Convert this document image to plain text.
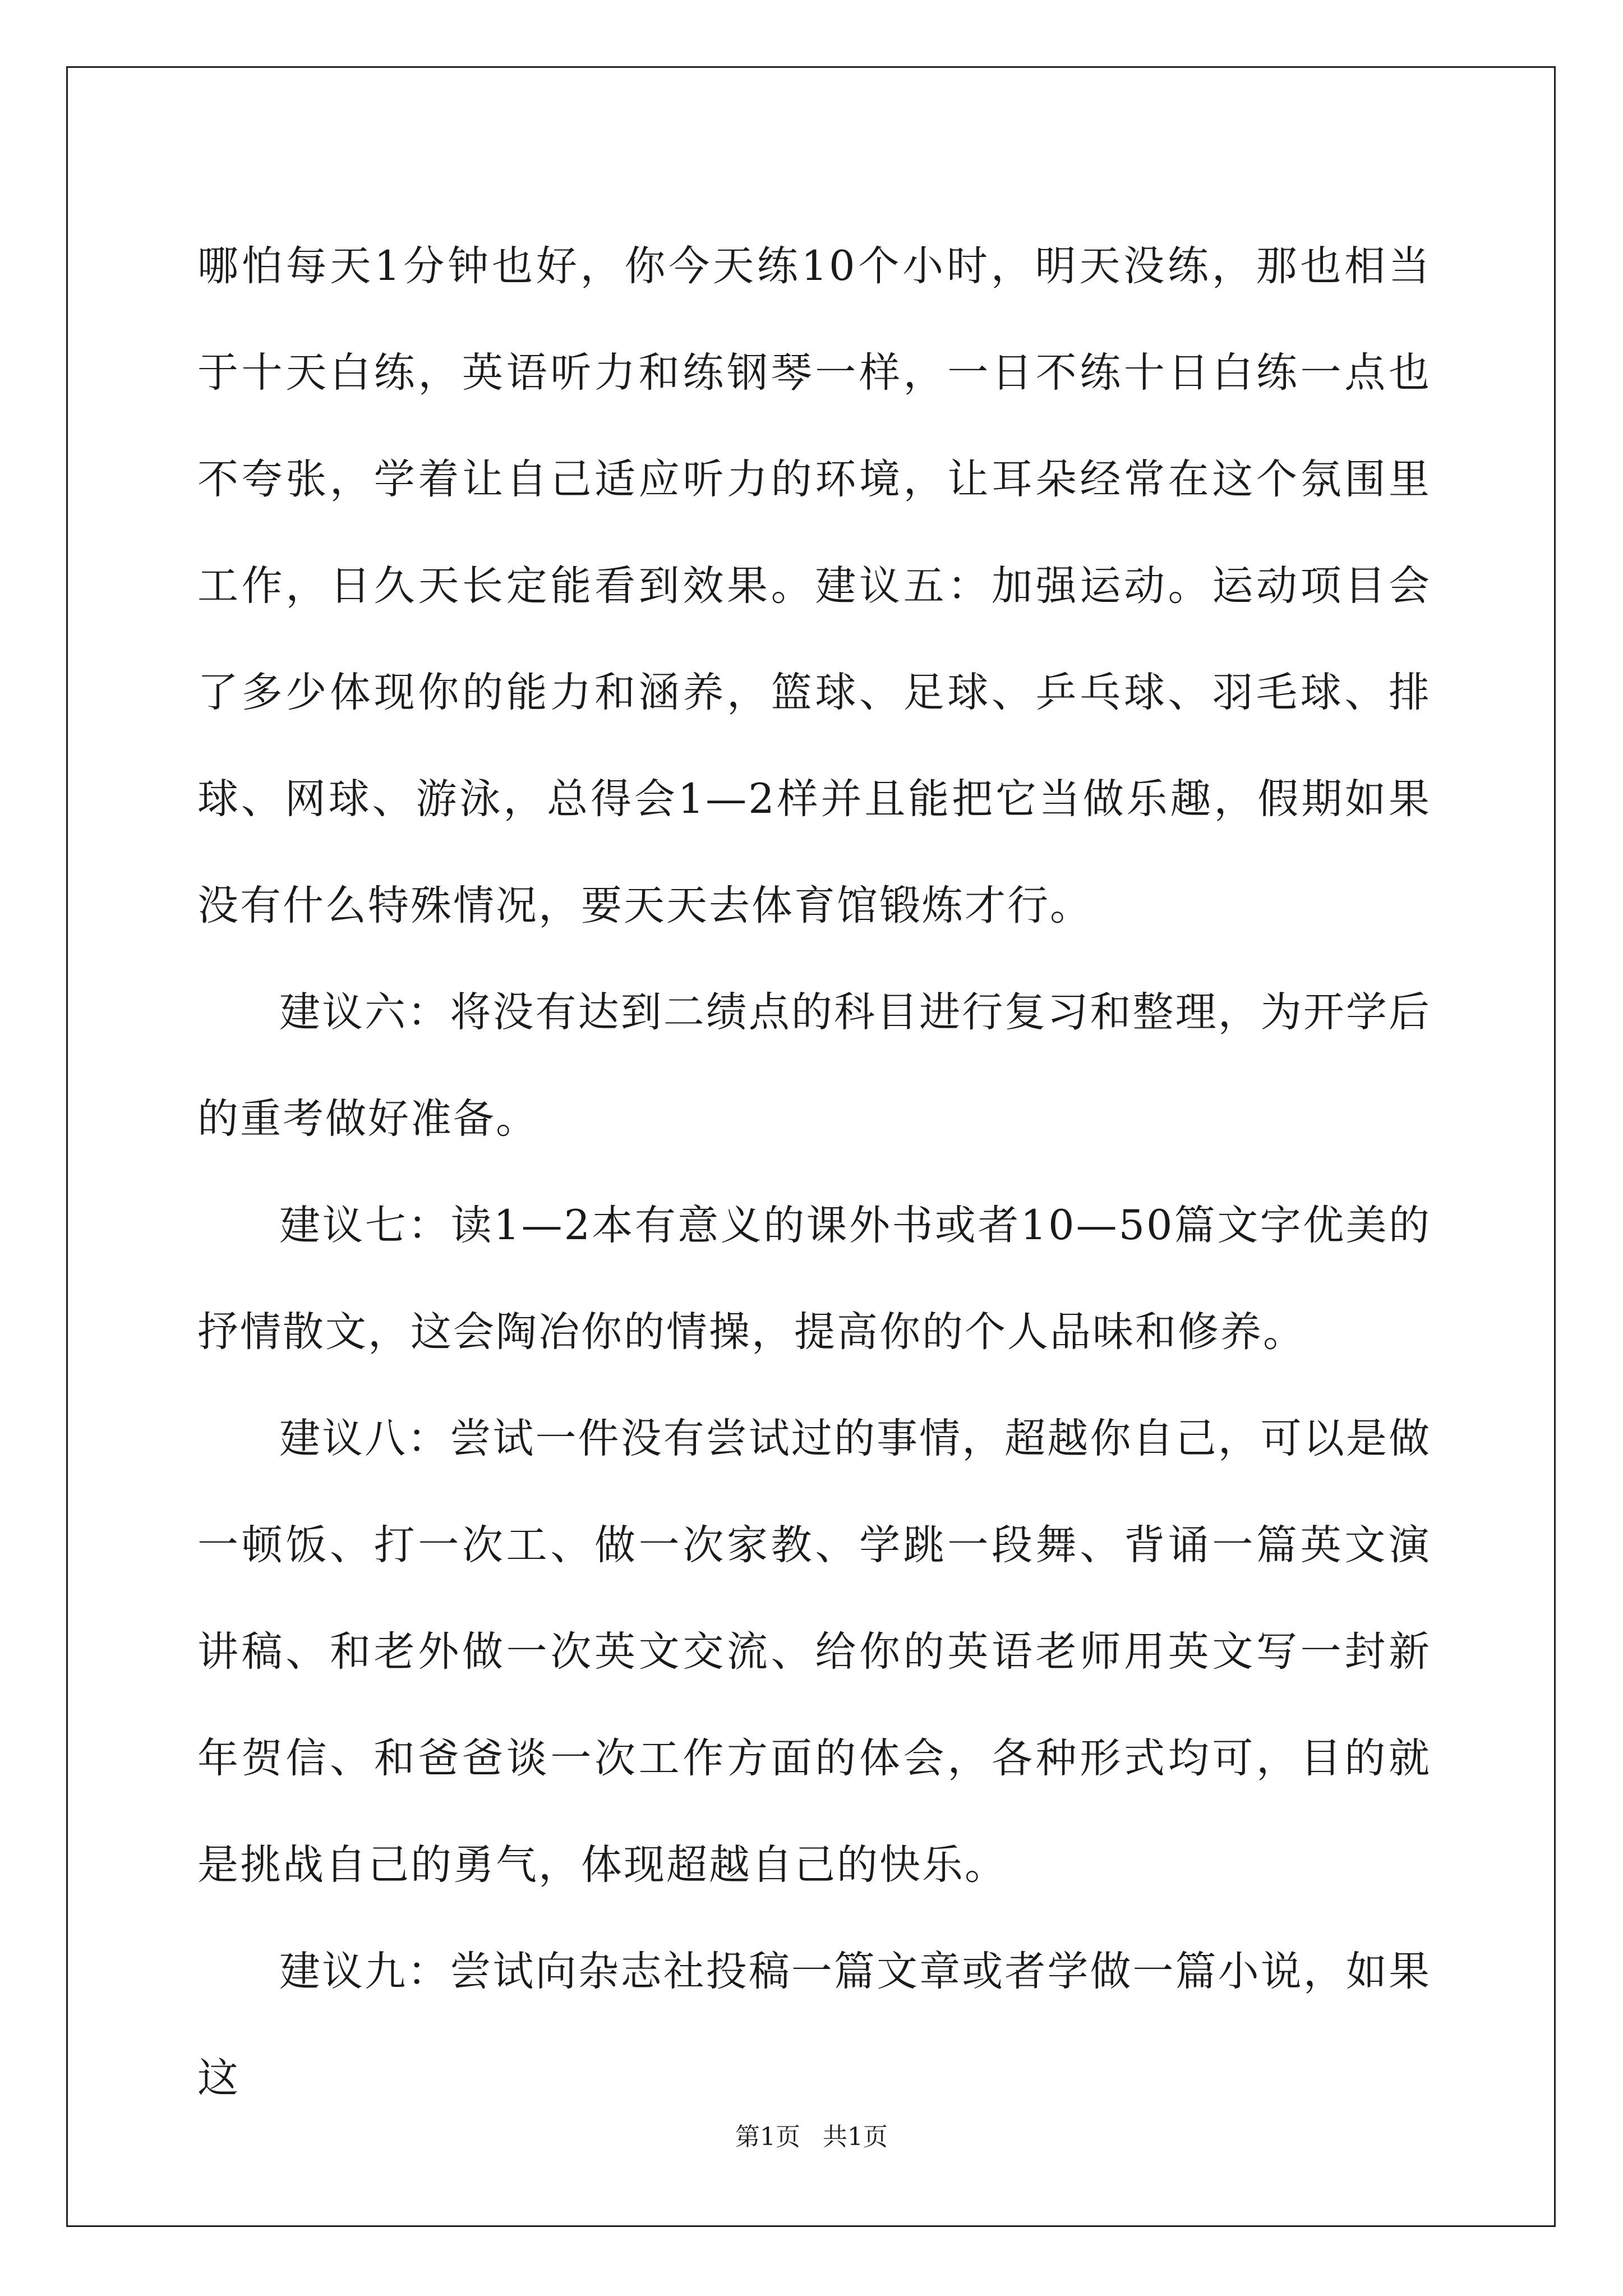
哪怕每天1分钟也好，你今天练10个小时，明天没练，那也相当于十天白练，英语听力和练钢琴一样，一日不练十日白练一点也不夸张，学着让自己适应听力的环境，让耳朵经常在这个氛围里工作，日久天长定能看到效果。建议五：加强运动。运动项目会了多少体现你的能力和涵养，篮球、足球、乒乓球、羽毛球、排球、网球、游泳，总得会1—2样并且能把它当做乐趣，假期如果没有什么特殊情况，要天天去体育馆锻炼才行。

建议六：将没有达到二绩点的科目进行复习和整理，为开学后的重考做好准备。

建议七：读1—2本有意义的课外书或者10—50篇文字优美的抒情散文，这会陶冶你的情操，提高你的个人品味和修养。

建议八：尝试一件没有尝试过的事情，超越你自己，可以是做一顿饭、打一次工、做一次家教、学跳一段舞、背诵一篇英文演讲稿、和老外做一次英文交流、给你的英语老师用英文写一封新年贺信、和爸爸谈一次工作方面的体会，各种形式均可，目的就是挑战自己的勇气，体现超越自己的快乐。

建议九：尝试向杂志社投稿一篇文章或者学做一篇小说，如果这

第1页 共1页
